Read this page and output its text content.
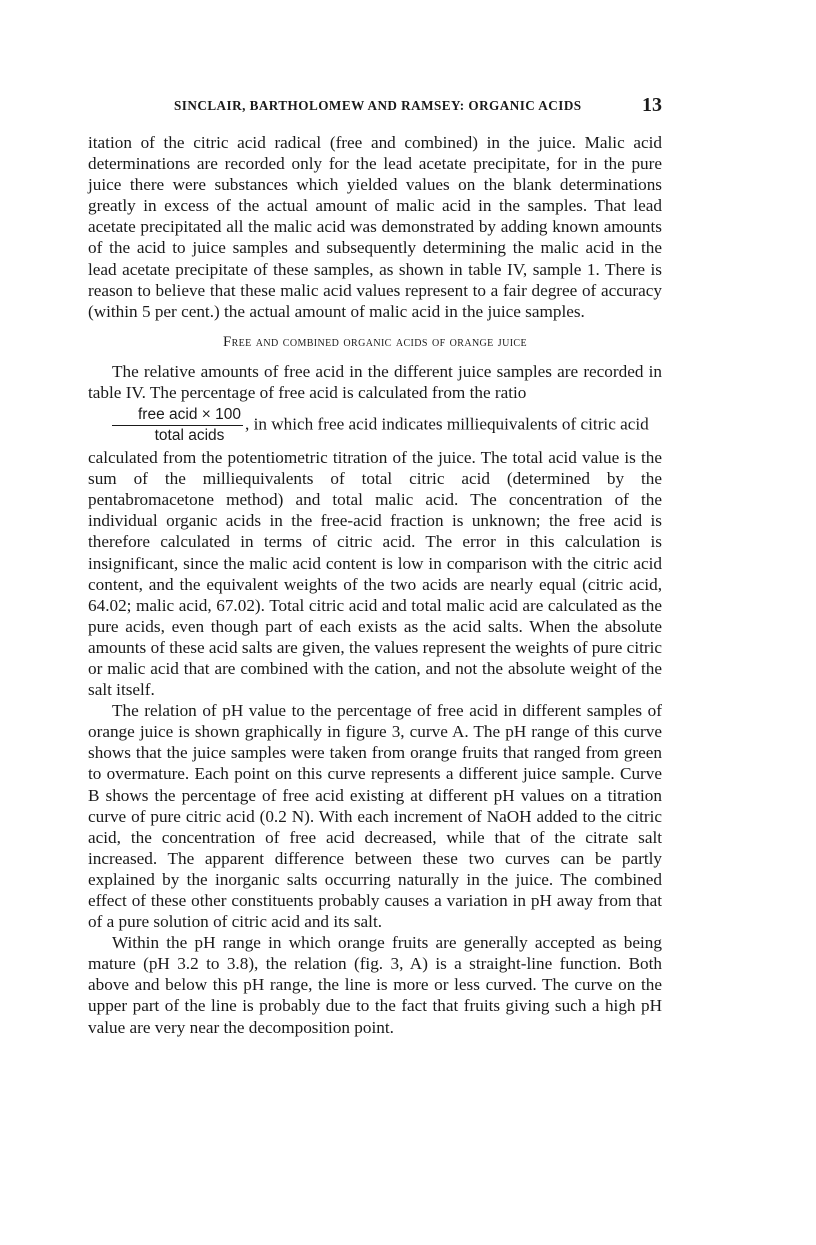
SINCLAIR, BARTHOLOMEW AND RAMSEY: ORGANIC ACIDS	13

itation of the citric acid radical (free and combined) in the juice. Malic acid determinations are recorded only for the lead acetate precipitate, for in the pure juice there were substances which yielded values on the blank determinations greatly in excess of the actual amount of malic acid in the samples. That lead acetate precipitated all the malic acid was demonstrated by adding known amounts of the acid to juice samples and subsequently determining the malic acid in the lead acetate precipitate of these samples, as shown in table IV, sample 1. There is reason to believe that these malic acid values represent to a fair degree of accuracy (within 5 per cent.) the actual amount of malic acid in the juice samples.

Free and combined organic acids of orange juice

The relative amounts of free acid in the different juice samples are recorded in table IV. The percentage of free acid is calculated from the ratio
$\frac{\text{free acid × 100}}{\text{total acids}}$ , in which free acid indicates milliequivalents of citric acid
calculated from the potentiometric titration of the juice. The total acid value is the sum of the milliequivalents of total citric acid (determined by the pentabromacetone method) and total malic acid. The concentration of the individual organic acids in the free-acid fraction is unknown; the free acid is therefore calculated in terms of citric acid. The error in this calculation is insignificant, since the malic acid content is low in comparison with the citric acid content, and the equivalent weights of the two acids are nearly equal (citric acid, 64.02; malic acid, 67.02). Total citric acid and total malic acid are calculated as the pure acids, even though part of each exists as the acid salts. When the absolute amounts of these acid salts are given, the values represent the weights of pure citric or malic acid that are combined with the cation, and not the absolute weight of the salt itself.

The relation of pH value to the percentage of free acid in different samples of orange juice is shown graphically in figure 3, curve A. The pH range of this curve shows that the juice samples were taken from orange fruits that ranged from green to overmature. Each point on this curve represents a different juice sample. Curve B shows the percentage of free acid existing at different pH values on a titration curve of pure citric acid (0.2 N). With each increment of NaOH added to the citric acid, the concentration of free acid decreased, while that of the citrate salt increased. The apparent difference between these two curves can be partly explained by the inorganic salts occurring naturally in the juice. The combined effect of these other constituents probably causes a variation in pH away from that of a pure solution of citric acid and its salt.

Within the pH range in which orange fruits are generally accepted as being mature (pH 3.2 to 3.8), the relation (fig. 3, A) is a straight-line function. Both above and below this pH range, the line is more or less curved. The curve on the upper part of the line is probably due to the fact that fruits giving such a high pH value are very near the decomposition point.
